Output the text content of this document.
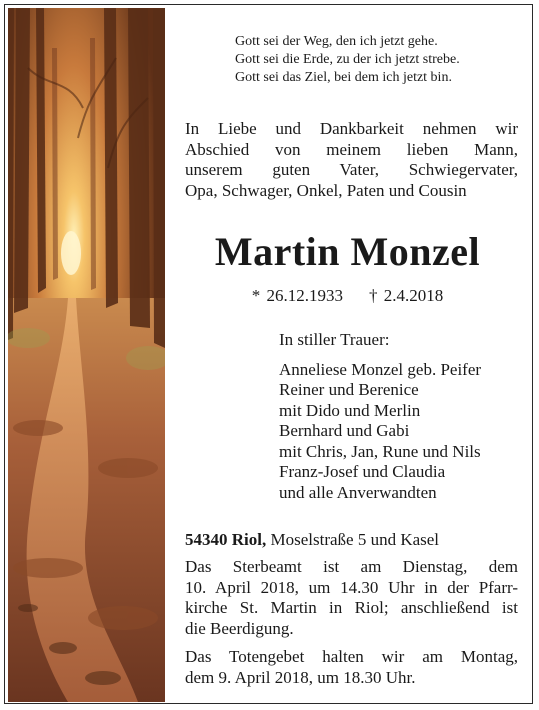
Gott sei der Weg, den ich jetzt gehe.
Gott sei die Erde, zu der ich jetzt strebe.
Gott sei das Ziel, bei dem ich jetzt bin.
In Liebe und Dankbarkeit nehmen wir
Abschied von meinem lieben Mann,
unserem guten Vater, Schwiegervater,
Opa, Schwager, Onkel, Paten und Cousin
Martin Monzel
* 26.12.1933 † 2.4.2018
In stiller Trauer:
Anneliese Monzel geb. Peifer
Reiner und Berenice
mit Dido und Merlin
Bernhard und Gabi
mit Chris, Jan, Rune und Nils
Franz-Josef und Claudia
und alle Anverwandten
54340 Riol, Moselstraße 5 und Kasel
Das Sterbeamt ist am Dienstag, dem
10. April 2018, um 14.30 Uhr in der Pfarr-
kirche St. Martin in Riol; anschließend ist
die Beerdigung.
Das Totengebet halten wir am Montag,
dem 9. April 2018, um 18.30 Uhr.
